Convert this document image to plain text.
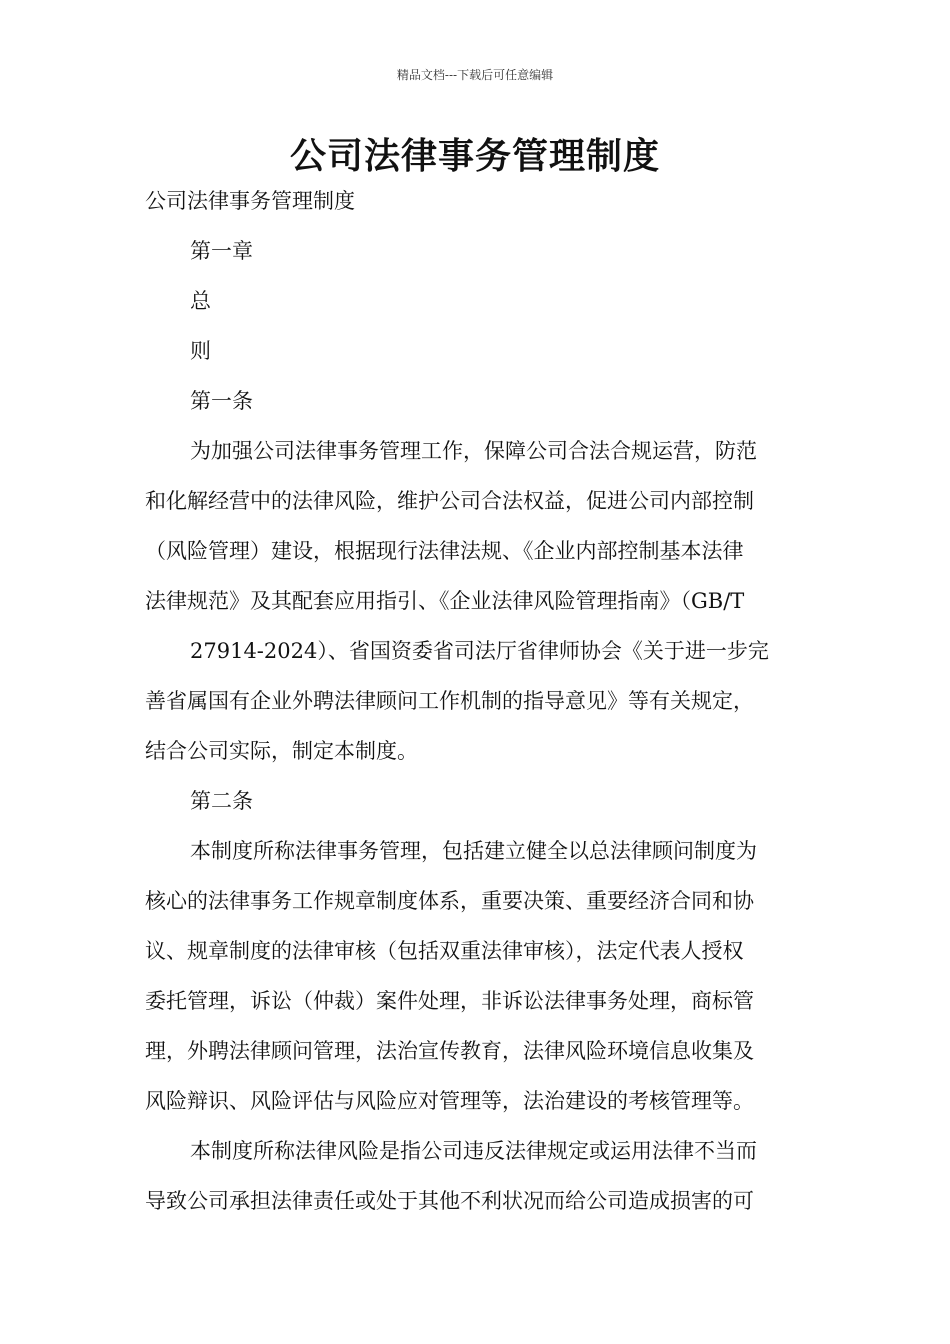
精品文档---下载后可任意编辑
公司法律事务管理制度
公司法律事务管理制度
第一章
总
则
第一条
为加强公司法律事务管理工作，保障公司合法合规运营，防范
和化解经营中的法律风险，维护公司合法权益，促进公司内部控制
（风险管理）建设，根据现行法律法规、《企业内部控制基本法律
法律规范》及其配套应用指引、《企业法律风险管理指南》（GB/T
27914-2024）、省国资委省司法厅省律师协会《关于进一步完
善省属国有企业外聘法律顾问工作机制的指导意见》等有关规定，
结合公司实际，制定本制度。
第二条
本制度所称法律事务管理，包括建立健全以总法律顾问制度为
核心的法律事务工作规章制度体系，重要决策、重要经济合同和协
议、规章制度的法律审核（包括双重法律审核），法定代表人授权
委托管理，诉讼（仲裁）案件处理，非诉讼法律事务处理，商标管
理，外聘法律顾问管理，法治宣传教育，法律风险环境信息收集及
风险辩识、风险评估与风险应对管理等，法治建设的考核管理等。
本制度所称法律风险是指公司违反法律规定或运用法律不当而
导致公司承担法律责任或处于其他不利状况而给公司造成损害的可
